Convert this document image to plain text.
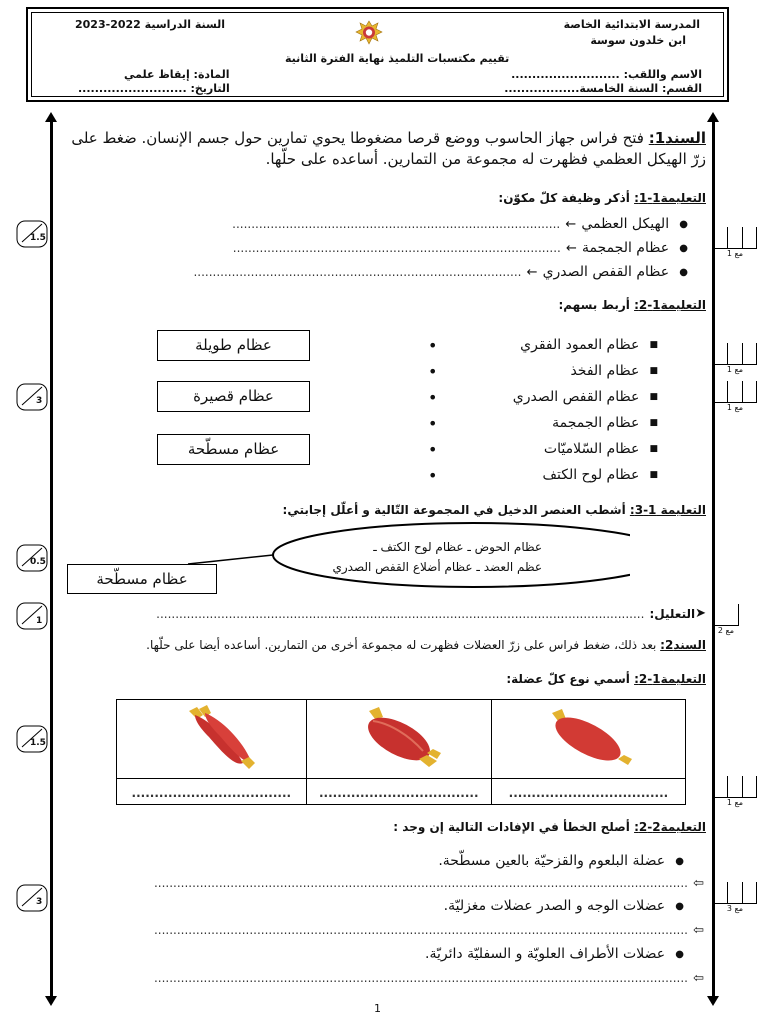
المدرسة الابتدائية الخاصة
ابن خلدون سوسة
السنة الدراسية 2022-2023
تقييم مكتسبات التلميذ نهاية الفترة الثانية
المادة: إيقاظ علمي
التاريخ: ..........................
الاسم واللقب: ..........................
القسم: السنة الخامسة..................
السند1: فتح فراس جهاز الحاسوب ووضع قرصا مضغوطا يحوي تمارين حول جسم الإنسان. ضغط على زرّ الهيكل العظمي فظهرت له مجموعة من التمارين. أساعده على حلّها.
التعليمة1-1: أذكر وظيفة كلّ مكوّن:
●

الهيكل العظمي

←

......................................................................................
●

عظام الجمجمة

←

......................................................................................
●

عظام القفص الصدري

←

......................................................................................
التعليمة1-2: أربط بسهم:
■

عظام العمود الفقري
•
■

عظام الفخذ
•
■

عظام القفص الصدري
•
■

عظام الجمجمة
•
■

عظام السّلاميّات
•
■

عظام لوح الكتف
•
عظام طويلة
عظام قصيرة
عظام مسطّحة
التعليمة 1-3: أشطب العنصر الدخيل في المجموعة التّالية و أعلّل إجابتي:
عظام الحوض ـ عظام لوح الكتف ـ
عظم العضد ـ عظام أضلاع القفص الصدري
عظام مسطّحة
➤
التعليل:

................................................................................................................................
السند2: بعد ذلك، ضغط فراس على زرّ العضلات فظهرت له مجموعة أخرى من التمارين. أساعده أيضا على حلّها.
التعليمة1-2: أسمي نوع كلّ عضلة:

...................................	...................................	...................................
التعليمة2-2: أصلح الخطأ في الإفادات التالية إن وجد :
●

عضلة البلعوم والقزحيّة بالعين مسطّحة.
⇦

............................................................................................................................................
●

عضلات الوجه و الصدر عضلات مغزليّة.
⇦

............................................................................................................................................
●

عضلات الأطراف العلويّة و السفليّة دائريّة.
⇦

............................................................................................................................................
1.5
3
0.5
1
1.5
3
مع 1
مع 1
مع 1
مع 2
مع 1
مع 3
1
